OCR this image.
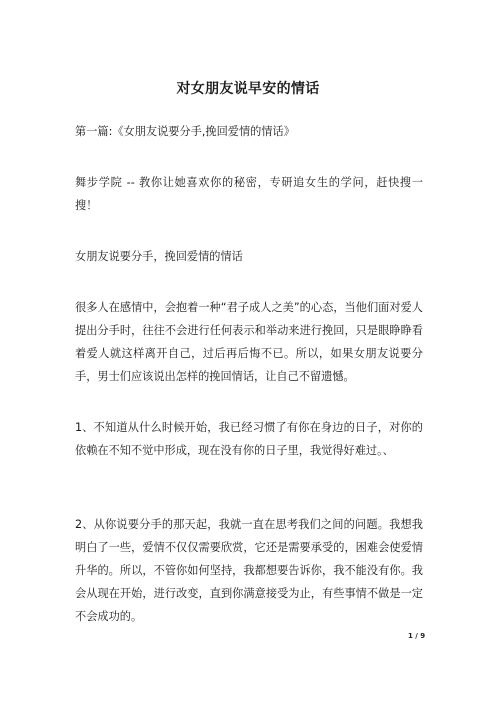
对女朋友说早安的情话

第一篇:《女朋友说要分手,挽回爱情的情话》

舞步学院 -- 教你让她喜欢你的秘密，专研追女生的学问，赶快搜一搜！

女朋友说要分手，挽回爱情的情话

很多人在感情中，会抱着一种“君子成人之美”的心态，当他们面对爱人提出分手时，往往不会进行任何表示和举动来进行挽回，只是眼睁睁看着爱人就这样离开自己，过后再后悔不已。所以，如果女朋友说要分手，男士们应该说出怎样的挽回情话，让自己不留遗憾。

1、不知道从什么时候开始，我已经习惯了有你在身边的日子，对你的依赖在不知不觉中形成，现在没有你的日子里，我觉得好难过。、

2、从你说要分手的那天起，我就一直在思考我们之间的问题。我想我明白了一些，爱情不仅仅需要欣赏，它还是需要承受的，困难会使爱情升华的。所以，不管你如何坚持，我都想要告诉你，我不能没有你。我会从现在开始，进行改变，直到你满意接受为止，有些事情不做是一定不会成功的。

1 / 9
